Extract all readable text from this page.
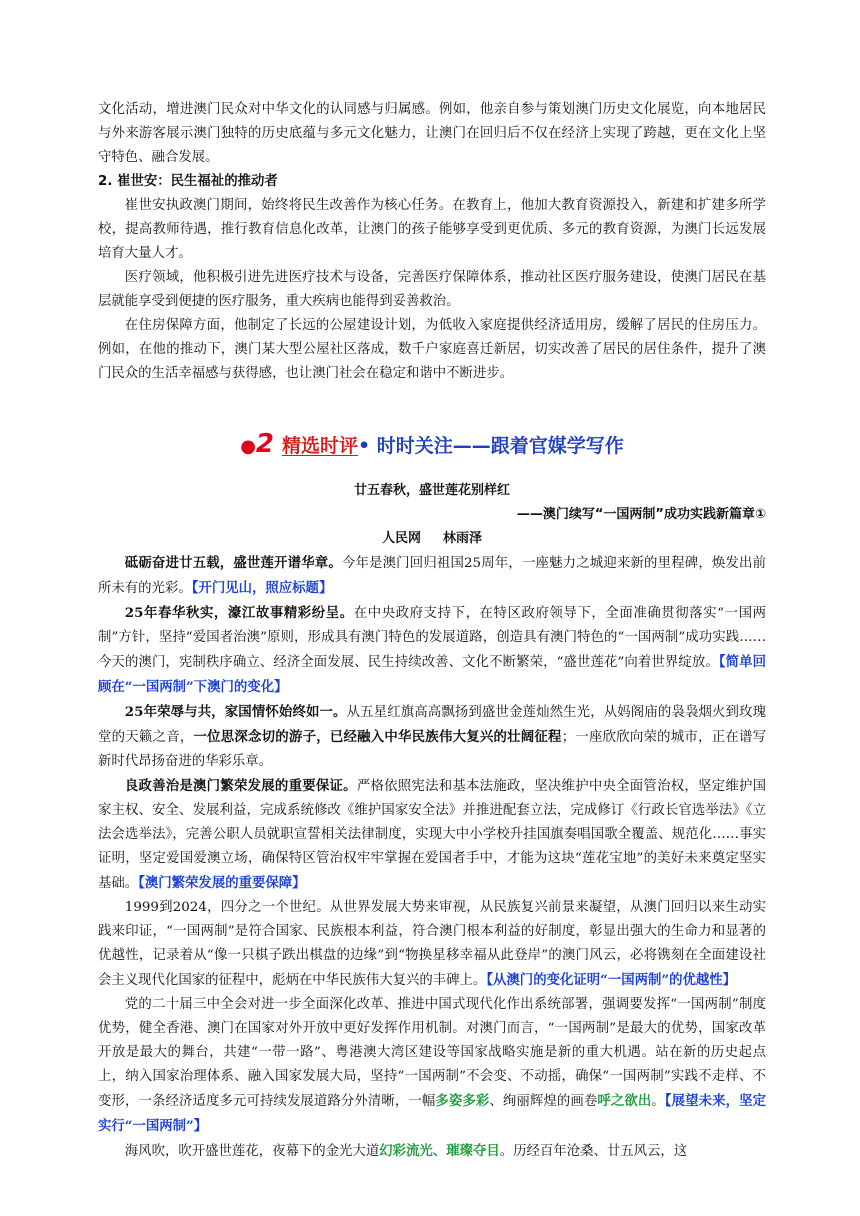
文化活动，增进澳门民众对中华文化的认同感与归属感。例如，他亲自参与策划澳门历史文化展览，向本地居民与外来游客展示澳门独特的历史底蕴与多元文化魅力，让澳门在回归后不仅在经济上实现了跨越，更在文化上坚守特色、融合发展。

2. 崔世安：民生福祉的推动者

崔世安执政澳门期间，始终将民生改善作为核心任务。在教育上，他加大教育资源投入，新建和扩建多所学校，提高教师待遇，推行教育信息化改革，让澳门的孩子能够享受到更优质、多元的教育资源，为澳门长远发展培育大量人才。

医疗领域，他积极引进先进医疗技术与设备，完善医疗保障体系，推动社区医疗服务建设，使澳门居民在基层就能享受到便捷的医疗服务，重大疾病也能得到妥善救治。

在住房保障方面，他制定了长远的公屋建设计划，为低收入家庭提供经济适用房，缓解了居民的住房压力。例如，在他的推动下，澳门某大型公屋社区落成，数千户家庭喜迁新居，切实改善了居民的居住条件，提升了澳门民众的生活幸福感与获得感，也让澳门社会在稳定和谐中不断进步。

●2 精选时评• 时时关注——跟着官媒学写作

廿五春秋，盛世莲花别样红

——澳门续写“一国两制”成功实践新篇章①

人民网 林雨泽

砥砺奋进廿五载，盛世莲开谱华章。今年是澳门回归祖国25周年，一座魅力之城迎来新的里程碑，焕发出前所未有的光彩。【开门见山，照应标题】

25年春华秋实，濠江故事精彩纷呈。在中央政府支持下，在特区政府领导下，全面准确贯彻落实“一国两制”方针，坚持“爱国者治澳”原则，形成具有澳门特色的发展道路，创造具有澳门特色的“一国两制”成功实践……今天的澳门，宪制秩序确立、经济全面发展、民生持续改善、文化不断繁荣，“盛世莲花”向着世界绽放。【简单回顾在“一国两制”下澳门的变化】

25年荣辱与共，家国情怀始终如一。从五星红旗高高飘扬到盛世金莲灿然生光，从妈阁庙的袅袅烟火到玫瑰堂的天籁之音，一位思深念切的游子，已经融入中华民族伟大复兴的壮阔征程；一座欣欣向荣的城市，正在谱写新时代昂扬奋进的华彩乐章。

良政善治是澳门繁荣发展的重要保证。严格依照宪法和基本法施政，坚决维护中央全面管治权，坚定维护国家主权、安全、发展利益，完成系统修改《维护国家安全法》并推进配套立法，完成修订《行政长官选举法》《立法会选举法》，完善公职人员就职宣誓相关法律制度，实现大中小学校升挂国旗奏唱国歌全覆盖、规范化……事实证明，坚定爱国爱澳立场，确保特区管治权牢牢掌握在爱国者手中，才能为这块“莲花宝地”的美好未来奠定坚实基础。【澳门繁荣发展的重要保障】

1999到2024，四分之一个世纪。从世界发展大势来审视，从民族复兴前景来凝望，从澳门回归以来生动实践来印证，“一国两制”是符合国家、民族根本利益，符合澳门根本利益的好制度，彰显出强大的生命力和显著的优越性，记录着从“像一只棋子跌出棋盘的边缘”到“物换星移幸福从此登岸”的澳门风云，必将镌刻在全面建设社会主义现代化国家的征程中，彪炳在中华民族伟大复兴的丰碑上。【从澳门的变化证明“一国两制”的优越性】

党的二十届三中全会对进一步全面深化改革、推进中国式现代化作出系统部署，强调要发挥“一国两制”制度优势，健全香港、澳门在国家对外开放中更好发挥作用机制。对澳门而言，“一国两制”是最大的优势，国家改革开放是最大的舞台，共建“一带一路”、粤港澳大湾区建设等国家战略实施是新的重大机遇。站在新的历史起点上，纳入国家治理体系、融入国家发展大局，坚持“一国两制”不会变、不动摇，确保“一国两制”实践不走样、不变形，一条经济适度多元可持续发展道路分外清晰，一幅多姿多彩、绚丽辉煌的画卷呼之欲出。【展望未来，坚定实行“一国两制”】

海风吹，吹开盛世莲花，夜幕下的金光大道幻彩流光、璀璨夺目。历经百年沧桑、廿五风云，这
